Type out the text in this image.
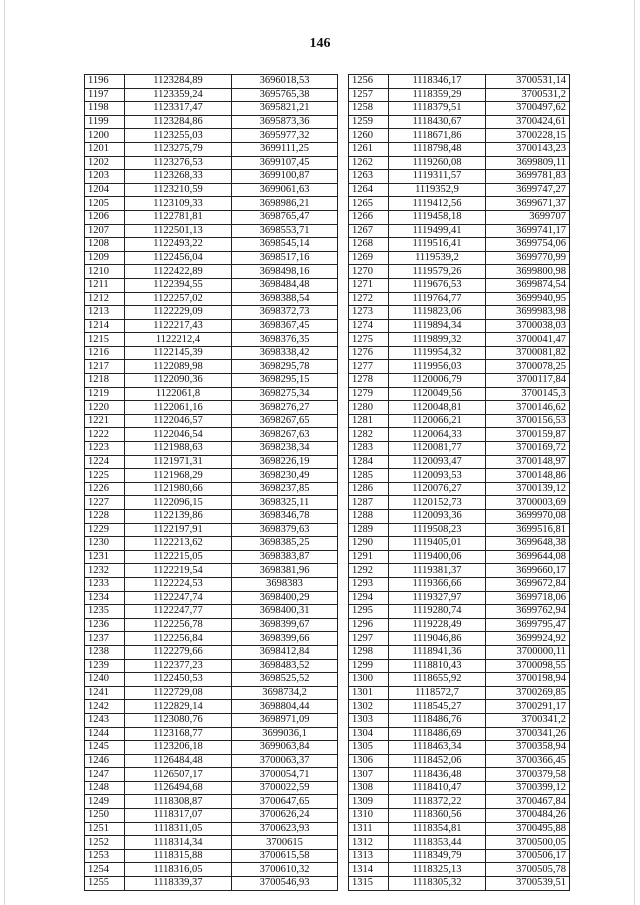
146
1196	1123284,89	3696018,53
1197	1123359,24	3695765,38
1198	1123317,47	3695821,21
1199	1123284,86	3695873,36
1200	1123255,03	3695977,32
1201	1123275,79	3699111,25
1202	1123276,53	3699107,45
1203	1123268,33	3699100,87
1204	1123210,59	3699061,63
1205	1123109,33	3698986,21
1206	1122781,81	3698765,47
1207	1122501,13	3698553,71
1208	1122493,22	3698545,14
1209	1122456,04	3698517,16
1210	1122422,89	3698498,16
1211	1122394,55	3698484,48
1212	1122257,02	3698388,54
1213	1122229,09	3698372,73
1214	1122217,43	3698367,45
1215	1122212,4	3698376,35
1216	1122145,39	3698338,42
1217	1122089,98	3698295,78
1218	1122090,36	3698295,15
1219	1122061,8	3698275,34
1220	1122061,16	3698276,27
1221	1122046,57	3698267,65
1222	1122046,54	3698267,63
1223	1121988,63	3698238,34
1224	1121971,31	3698226,19
1225	1121968,29	3698230,49
1226	1121980,66	3698237,85
1227	1122096,15	3698325,11
1228	1122139,86	3698346,78
1229	1122197,91	3698379,63
1230	1122213,62	3698385,25
1231	1122215,05	3698383,87
1232	1122219,54	3698381,96
1233	1122224,53	3698383
1234	1122247,74	3698400,29
1235	1122247,77	3698400,31
1236	1122256,78	3698399,67
1237	1122256,84	3698399,66
1238	1122279,66	3698412,84
1239	1122377,23	3698483,52
1240	1122450,53	3698525,52
1241	1122729,08	3698734,2
1242	1122829,14	3698804,44
1243	1123080,76	3698971,09
1244	1123168,77	3699036,1
1245	1123206,18	3699063,84
1246	1126484,48	3700063,37
1247	1126507,17	3700054,71
1248	1126494,68	3700022,59
1249	1118308,87	3700647,65
1250	1118317,07	3700626,24
1251	1118311,05	3700623,93
1252	1118314,34	3700615
1253	1118315,88	3700615,58
1254	1118316,05	3700610,32
1255	1118339,37	3700546,93
1256	1118346,17	3700531,14
1257	1118359,29	3700531,2
1258	1118379,51	3700497,62
1259	1118430,67	3700424,61
1260	1118671,86	3700228,15
1261	1118798,48	3700143,23
1262	1119260,08	3699809,11
1263	1119311,57	3699781,83
1264	1119352,9	3699747,27
1265	1119412,56	3699671,37
1266	1119458,18	3699707
1267	1119499,41	3699741,17
1268	1119516,41	3699754,06
1269	1119539,2	3699770,99
1270	1119579,26	3699800,98
1271	1119676,53	3699874,54
1272	1119764,77	3699940,95
1273	1119823,06	3699983,98
1274	1119894,34	3700038,03
1275	1119899,32	3700041,47
1276	1119954,32	3700081,82
1277	1119956,03	3700078,25
1278	1120006,79	3700117,84
1279	1120049,56	3700145,3
1280	1120048,81	3700146,62
1281	1120066,21	3700156,53
1282	1120064,33	3700159,87
1283	1120081,77	3700169,72
1284	1120093,47	3700148,97
1285	1120093,53	3700148,86
1286	1120076,27	3700139,12
1287	1120152,73	3700003,69
1288	1120093,36	3699970,08
1289	1119508,23	3699516,81
1290	1119405,01	3699648,38
1291	1119400,06	3699644,08
1292	1119381,37	3699660,17
1293	1119366,66	3699672,84
1294	1119327,97	3699718,06
1295	1119280,74	3699762,94
1296	1119228,49	3699795,47
1297	1119046,86	3699924,92
1298	1118941,36	3700000,11
1299	1118810,43	3700098,55
1300	1118655,92	3700198,94
1301	1118572,7	3700269,85
1302	1118545,27	3700291,17
1303	1118486,76	3700341,2
1304	1118486,69	3700341,26
1305	1118463,34	3700358,94
1306	1118452,06	3700366,45
1307	1118436,48	3700379,58
1308	1118410,47	3700399,12
1309	1118372,22	3700467,84
1310	1118360,56	3700484,26
1311	1118354,81	3700495,88
1312	1118353,44	3700500,05
1313	1118349,79	3700506,17
1314	1118325,13	3700505,78
1315	1118305,32	3700539,51
